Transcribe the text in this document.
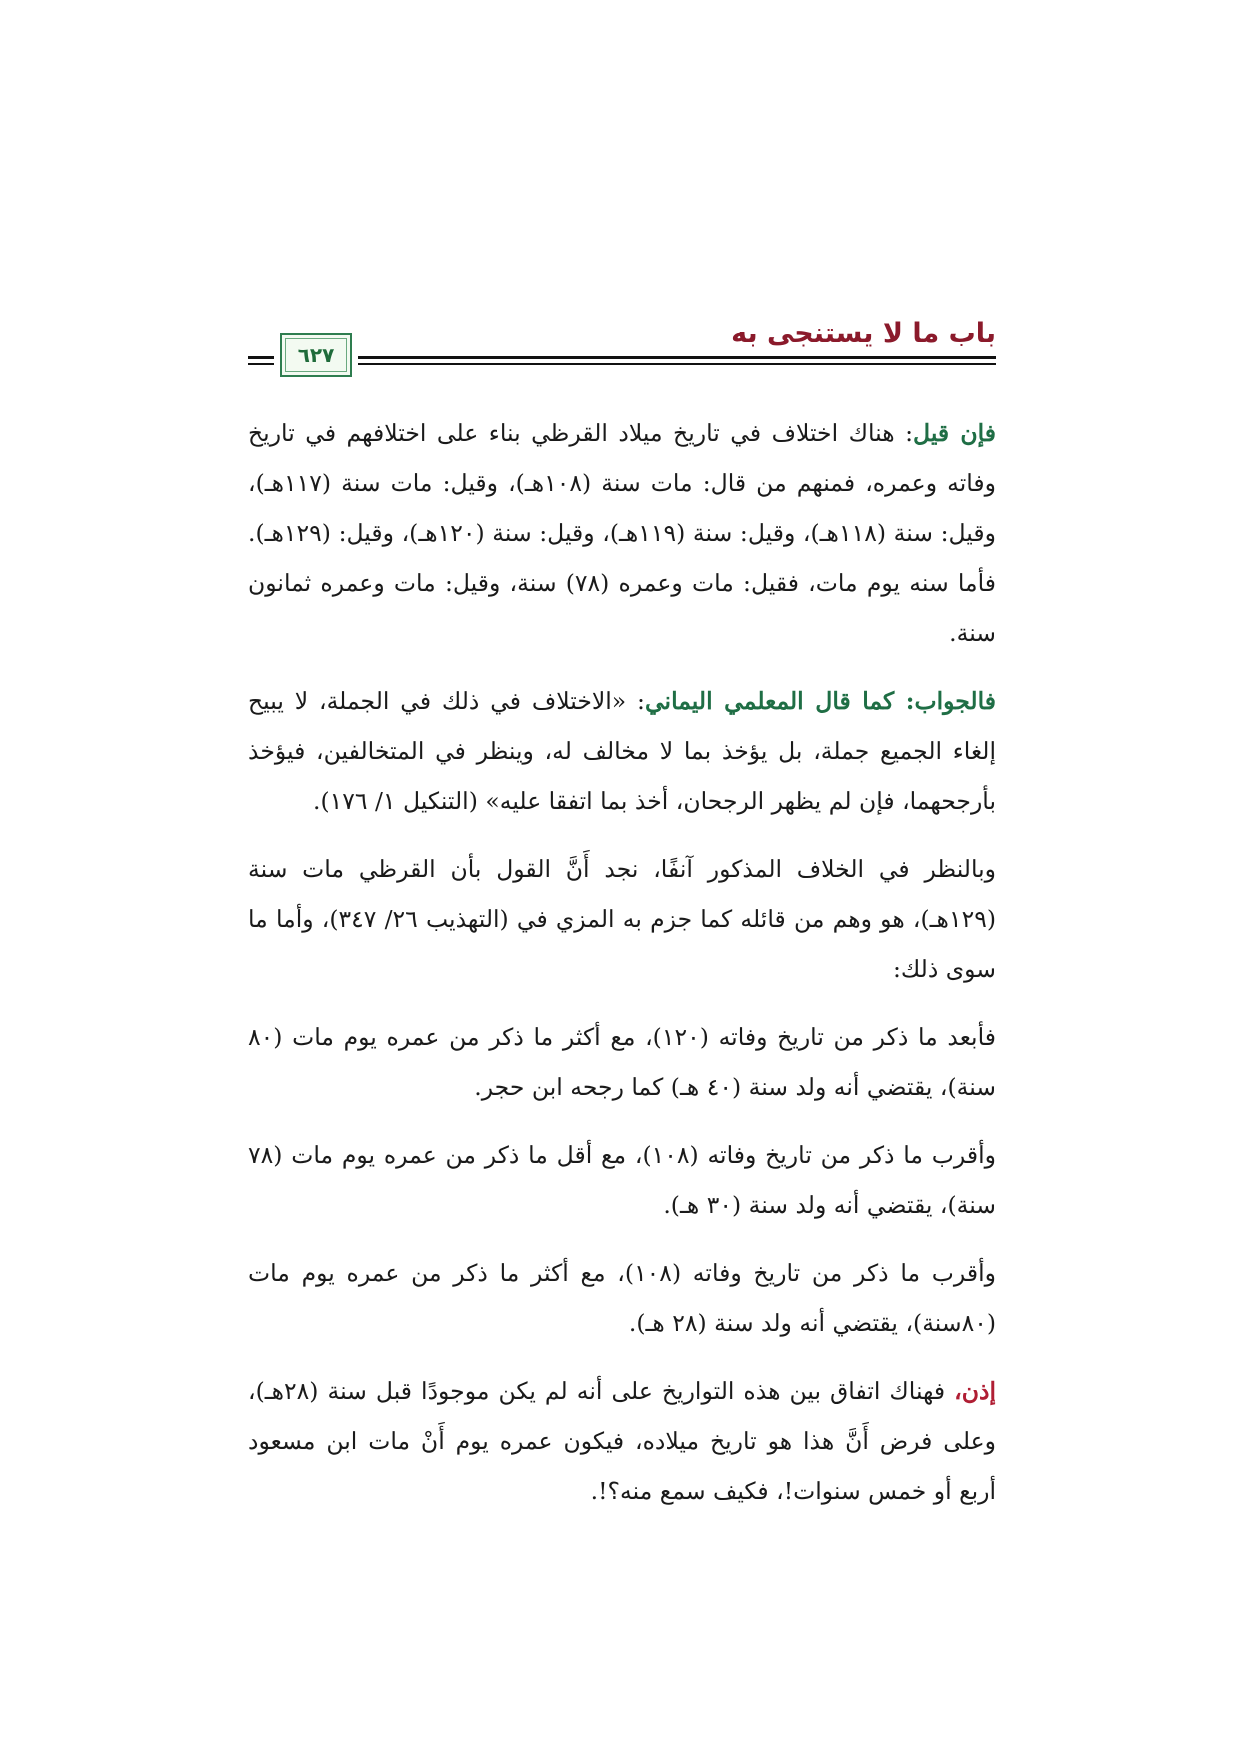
باب ما لا يستنجى به
٦٢٧

فإن قيل: هناك اختلاف في تاريخ ميلاد القرظي بناء على اختلافهم في تاريخ وفاته وعمره، فمنهم من قال: مات سنة (١٠٨هـ)، وقيل: مات سنة (١١٧هـ)، وقيل: سنة (١١٨هـ)، وقيل: سنة (١١٩هـ)، وقيل: سنة (١٢٠هـ)، وقيل: (١٢٩هـ). فأما سنه يوم مات، فقيل: مات وعمره (٧٨) سنة، وقيل: مات وعمره ثمانون سنة.

فالجواب: كما قال المعلمي اليماني: «الاختلاف في ذلك في الجملة، لا يبيح إلغاء الجميع جملة، بل يؤخذ بما لا مخالف له، وينظر في المتخالفين، فيؤخذ بأرجحهما، فإن لم يظهر الرجحان، أخذ بما اتفقا عليه» (التنكيل ١/ ١٧٦).

وبالنظر في الخلاف المذكور آنفًا، نجد أَنَّ القول بأن القرظي مات سنة (١٢٩هـ)، هو وهم من قائله كما جزم به المزي في (التهذيب ٢٦/ ٣٤٧)، وأما ما سوى ذلك:

فأبعد ما ذكر من تاريخ وفاته (١٢٠)، مع أكثر ما ذكر من عمره يوم مات (٨٠ سنة)، يقتضي أنه ولد سنة (٤٠ هـ) كما رجحه ابن حجر.

وأقرب ما ذكر من تاريخ وفاته (١٠٨)، مع أقل ما ذكر من عمره يوم مات (٧٨ سنة)، يقتضي أنه ولد سنة (٣٠ هـ).

وأقرب ما ذكر من تاريخ وفاته (١٠٨)، مع أكثر ما ذكر من عمره يوم مات (٨٠سنة)، يقتضي أنه ولد سنة (٢٨ هـ).

إذن، فهناك اتفاق بين هذه التواريخ على أنه لم يكن موجودًا قبل سنة (٢٨هـ)، وعلى فرض أَنَّ هذا هو تاريخ ميلاده، فيكون عمره يوم أَنْ مات ابن مسعود أربع أو خمس سنوات!، فكيف سمع منه؟!.
